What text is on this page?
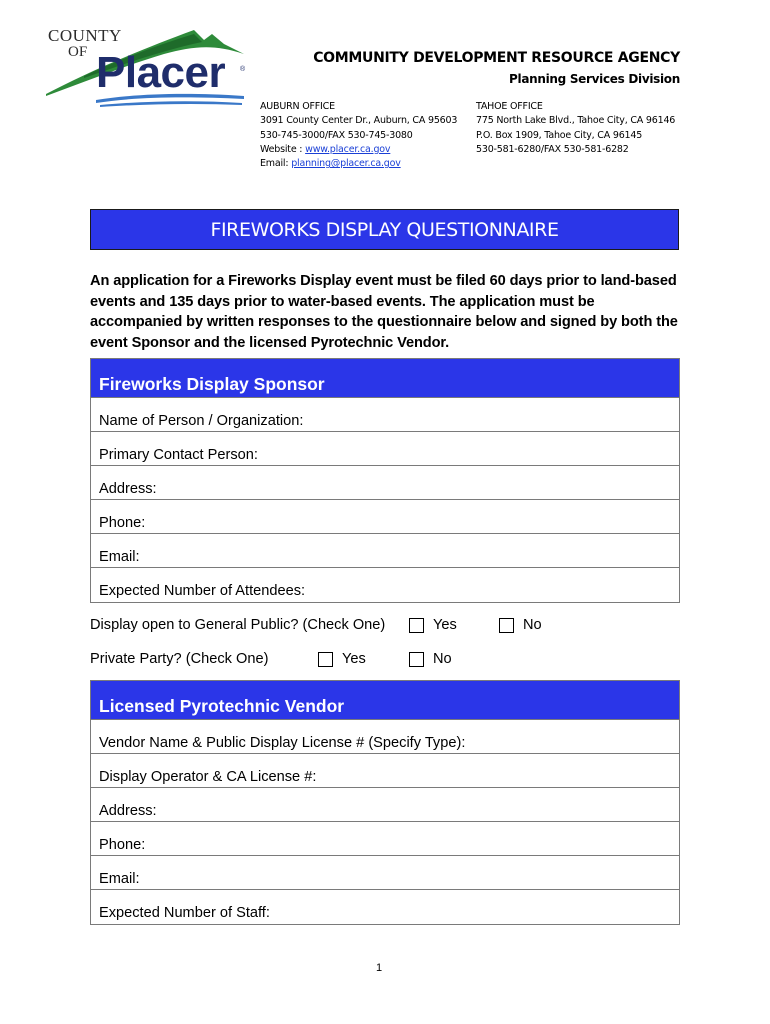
COUNTY
OF Placer ®
COMMUNITY DEVELOPMENT RESOURCE AGENCY
Planning Services Division
AUBURN OFFICE
3091 County Center Dr., Auburn, CA 95603
530-745-3000/FAX 530-745-3080
Website : www.placer.ca.gov
Email: planning@placer.ca.gov
TAHOE OFFICE
775 North Lake Blvd., Tahoe City, CA 96146
P.O. Box 1909, Tahoe City, CA 96145
530-581-6280/FAX 530-581-6282
FIREWORKS DISPLAY QUESTIONNAIRE
An application for a Fireworks Display event must be filed 60 days prior to land-based events and 135 days prior to water-based events. The application must be accompanied by written responses to the questionnaire below and signed by both the event Sponsor and the licensed Pyrotechnic Vendor.
Fireworks Display Sponsor
Name of Person / Organization:
Primary Contact Person:
Address:
Phone:
Email:
Expected Number of Attendees:
Display open to General Public? (Check One)	Yes	No
Private Party? (Check One)	Yes	No
Licensed Pyrotechnic Vendor
Vendor Name & Public Display License # (Specify Type):
Display Operator & CA License #:
Address:
Phone:
Email:
Expected Number of Staff:
1
